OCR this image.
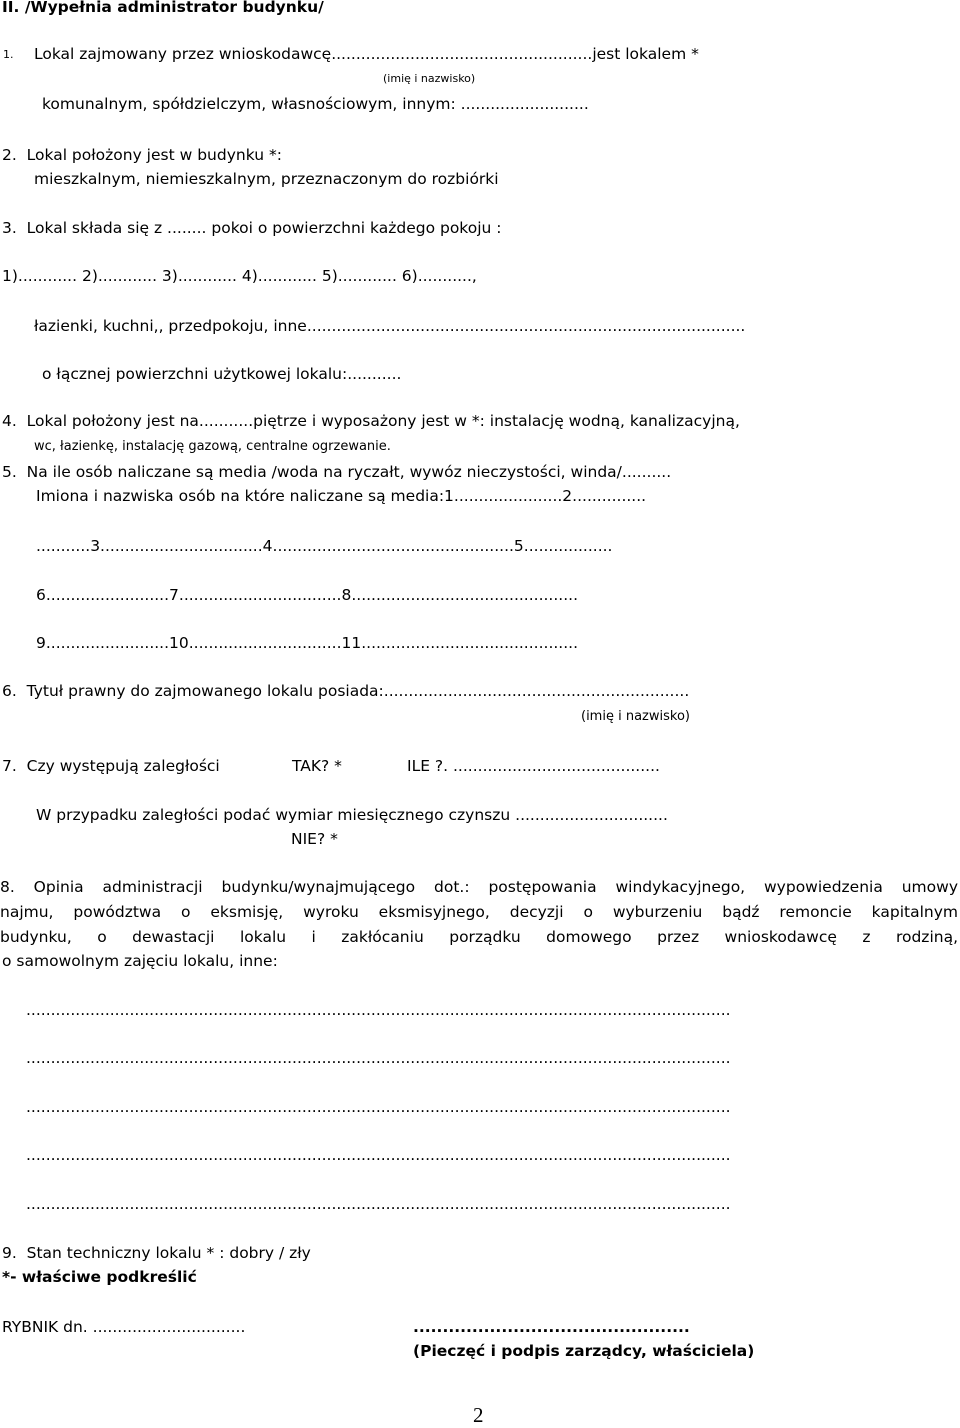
II. /Wypełnia administrator budynku/
1. Lokal zajmowany przez wnioskodawcę.....................................................jest lokalem *
(imię i nazwisko)
komunalnym, spółdzielczym, własnościowym, innym: ..........................
2.  Lokal położony jest w budynku *:
mieszkalnym, niemieszkalnym, przeznaczonym do rozbiórki
3.  Lokal składa się z ........ pokoi o powierzchni każdego pokoju :
1)............ 2)............ 3)............ 4)............ 5)............ 6)...........,
łazienki, kuchni,, przedpokoju, inne.........................................................................................
o łącznej powierzchni użytkowej lokalu:...........
4.  Lokal położony jest na...........piętrze i wyposażony jest w *: instalację wodną, kanalizacyjną,
wc, łazienkę, instalację gazową, centralne ogrzewanie.
5.  Na ile osób naliczane są media /woda na ryczałt, wywóz nieczystości, winda/..........
Imiona i nazwiska osób na które naliczane są media:1......................2...............
...........3.................................4.................................................5..................
6.........................7.................................8..............................................
9.........................10...............................11............................................
6.  Tytuł prawny do zajmowanego lokalu posiada:..............................................................
(imię i nazwisko)
7.  Czy występują zaległości	TAK? *	ILE ?. ..........................................
W przypadku zaległości podać wymiar miesięcznego czynszu ...............................
NIE? *
8. Opinia administracji budynku/wynajmującego dot.: postępowania windykacyjnego, wypowiedzenia umowy
najmu, powództwa o eksmisję, wyroku eksmisyjnego, decyzji o wyburzeniu bądź remoncie kapitalnym
budynku, o dewastacji lokalu i zakłócaniu porządku domowego przez wnioskodawcę z rodziną,
o samowolnym zajęciu lokalu, inne:
...............................................................................................................................................
...............................................................................................................................................
...............................................................................................................................................
...............................................................................................................................................
...............................................................................................................................................
9.  Stan techniczny lokalu * : dobry / zły
*- właściwe podkreślić
RYBNIK dn. ...............................	...............................................
(Pieczęć i podpis zarządcy, właściciela)
2
